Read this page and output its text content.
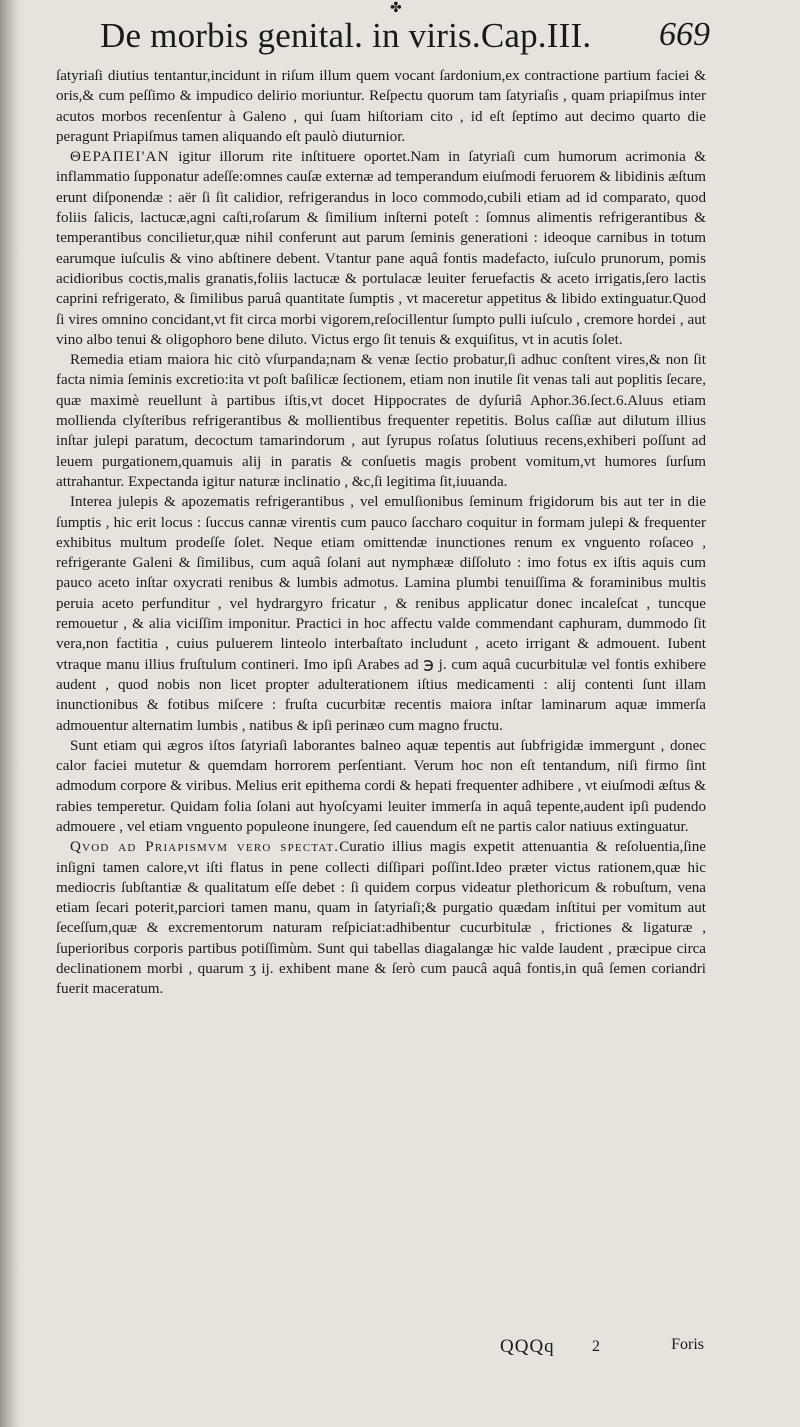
✤
De morbis genital. in viris.Cap.III. 669

ſatyriaſi diutius tentantur,incidunt in riſum illum quem vocant ſardonium,ex contractione partium faciei & oris,& cum peſſimo & impudico delirio moriuntur. Reſpectu quorum tam ſatyriaſis , quam priapiſmus inter acutos morbos recenſentur à Galeno , qui ſuam hiſtoriam cito , id eſt ſeptimo aut decimo quarto die peragunt Priapiſmus tamen aliquando eſt paulò diuturnior.

ΘΕΡΑΠΕΙ'ΑΝ igitur illorum rite inſtituere oportet.Nam in ſatyriaſi cum humorum acrimonia & inflammatio ſupponatur adeſſe:omnes cauſæ externæ ad temperandum eiuſmodi feruorem & libidinis æſtum erunt diſponendæ : aër ſi ſit calidior, refrigerandus in loco commodo,cubili etiam ad id comparato, quod foliis ſalicis, lactucæ,agni caſti,roſarum & ſimilium inſterni poteſt : ſomnus alimentis refrigerantibus & temperantibus concilietur,quæ nihil conferunt aut parum ſeminis generationi : ideoque carnibus in totum earumque iuſculis & vino abſtinere debent. Vtantur pane aquâ fontis madefacto, iuſculo prunorum, pomis acidioribus coctis,malis granatis,foliis lactucæ & portulacæ leuiter feruefactis & aceto irrigatis,ſero lactis caprini refrigerato, & ſimilibus paruâ quantitate ſumptis , vt maceretur appetitus & libido extinguatur.Quod ſi vires omnino concidant,vt fit circa morbi vigorem,reſocillentur ſumpto pulli iuſculo , cremore hordei , aut vino albo tenui & oligophoro bene diluto. Victus ergo ſit tenuis & exquiſitus, vt in acutis ſolet.

Remedia etiam maiora hic citò vſurpanda;nam & venæ ſectio probatur,ſi adhuc conſtent vires,& non ſit facta nimia ſeminis excretio:ita vt poſt baſilicæ ſectionem, etiam non inutile ſit venas tali aut poplitis ſecare, quæ maximè reuellunt à partibus iſtis,vt docet Hippocrates de dyſuriâ Aphor.36.ſect.6.Aluus etiam mollienda clyſteribus refrigerantibus & mollientibus frequenter repetitis. Bolus caſſiæ aut dilutum illius inſtar julepi paratum, decoctum tamarindorum , aut ſyrupus roſatus ſolutiuus recens,exhiberi poſſunt ad leuem purgationem,quamuis alij in paratis & conſuetis magis probent vomitum,vt humores ſurſum attrahantur. Expectanda igitur naturæ inclinatio , &c,ſi legitima ſit,iuuanda.

Interea julepis & apozematis refrigerantibus , vel emulſionibus ſeminum frigidorum bis aut ter in die ſumptis , hic erit locus : ſuccus cannæ virentis cum pauco ſaccharo coquitur in formam julepi & frequenter exhibitus multum prodeſſe ſolet. Neque etiam omittendæ inunctiones renum ex vnguento roſaceo , refrigerante Galeni & ſimilibus, cum aquâ ſolani aut nymphææ diſſoluto : imo fotus ex iſtis aquis cum pauco aceto inſtar oxycrati renibus & lumbis admotus. Lamina plumbi tenuiſſima & foraminibus multis peruia aceto perfunditur , vel hydrargyro fricatur , & renibus applicatur donec incaleſcat , tuncque remouetur , & alia viciſſim imponitur. Practici in hoc affectu valde commendant caphuram, dummodo ſit vera,non factitia , cuius puluerem linteolo interbaſtato includunt , aceto irrigant & admouent. Iubent vtraque manu illius fruſtulum contineri. Imo ipſi Arabes ad ℈ j. cum aquâ cucurbitulæ vel fontis exhibere audent , quod nobis non licet propter adulterationem iſtius medicamenti : alij contenti ſunt illam inunctionibus & fotibus miſcere : fruſta cucurbitæ recentis maiora inſtar laminarum aquæ immerſa admouentur alternatim lumbis , natibus & ipſi perinæo cum magno fructu.

Sunt etiam qui ægros iſtos ſatyriaſi laborantes balneo aquæ tepentis aut ſubfrigidæ immergunt , donec calor faciei mutetur & quemdam horrorem perſentiant. Verum hoc non eſt tentandum, niſi firmo ſint admodum corpore & viribus. Melius erit epithema cordi & hepati frequenter adhibere , vt eiuſmodi æſtus & rabies temperetur. Quidam folia ſolani aut hyoſcyami leuiter immerſa in aquâ tepente,audent ipſi pudendo admouere , vel etiam vnguento populeone inungere, ſed cauendum eſt ne partis calor natiuus extinguatur.

Qvod ad Priapismvm vero spectat.Curatio illius magis expetit attenuantia & reſoluentia,ſine inſigni tamen calore,vt iſti flatus in pene collecti diſſipari poſſint.Ideo præter victus rationem,quæ hic mediocris ſubſtantiæ & qualitatum eſſe debet : ſi quidem corpus videatur plethoricum & robuſtum, vena etiam ſecari poterit,parciori tamen manu, quam in ſatyriaſi;& purgatio quædam inſtitui per vomitum aut ſeceſſum,quæ & excrementorum naturam reſpiciat:adhibentur cucurbitulæ , frictiones & ligaturæ , ſuperioribus corporis partibus potiſſimùm. Sunt qui tabellas diagalangæ hic valde laudent , præcipue circa declinationem morbi , quarum ʒ ij. exhibent mane & ſerò cum paucâ aquâ fontis,in quâ ſemen coriandri fuerit maceratum.

QQQq 2	Foris
